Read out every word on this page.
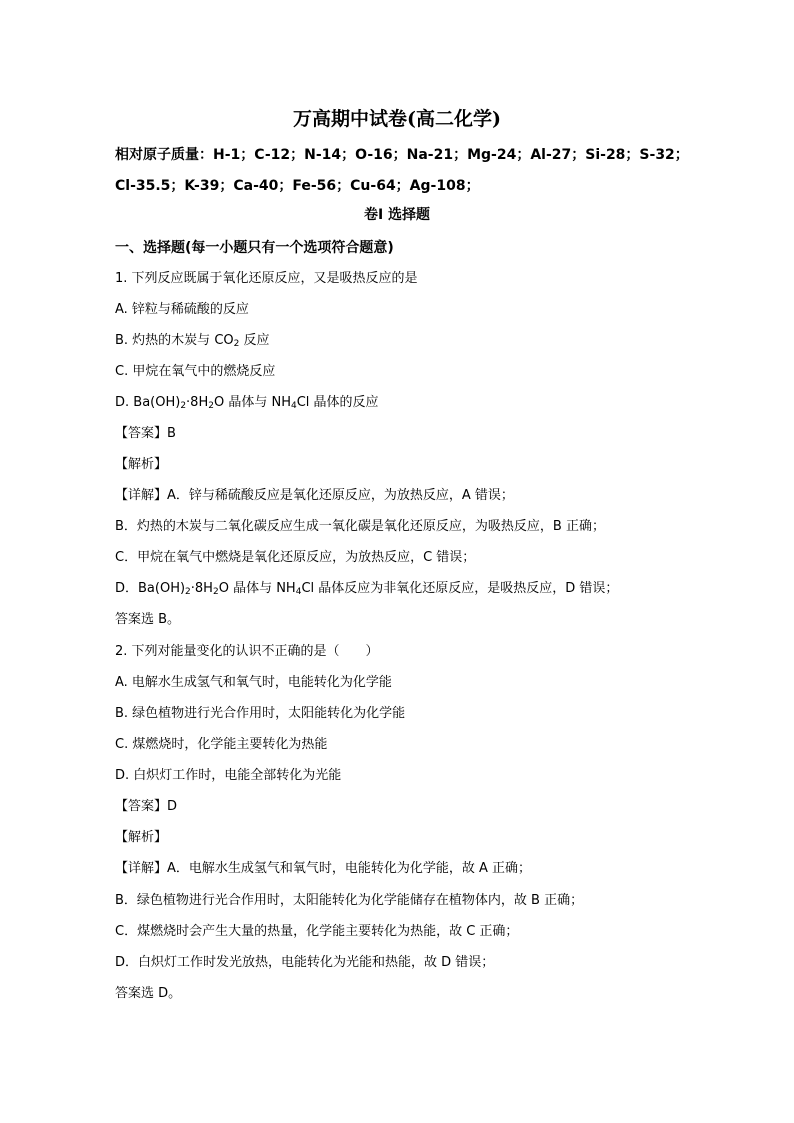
万高期中试卷(高二化学)
相对原子质量：H-1；C-12；N-14；O-16；Na-21；Mg-24；Al-27；Si-28；S-32；
Cl-35.5；K-39；Ca-40；Fe-56；Cu-64；Ag-108；
卷Ⅰ 选择题
一、选择题(每一小题只有一个选项符合题意)
1. 下列反应既属于氧化还原反应，又是吸热反应的是
A. 锌粒与稀硫酸的反应
B. 灼热的木炭与 $CO_2$ 反应
C. 甲烷在氧气中的燃烧反应
D. $Ba(OH)_2\cdot 8H_2O$ 晶体与 $NH_4Cl$ 晶体的反应
【答案】B
【解析】
【详解】A．锌与稀硫酸反应是氧化还原反应，为放热反应，A 错误；
B．灼热的木炭与二氧化碳反应生成一氧化碳是氧化还原反应，为吸热反应，B 正确；
C．甲烷在氧气中燃烧是氧化还原反应，为放热反应，C 错误；
D．$Ba(OH)_2\cdot 8H_2O$ 晶体与 $NH_4Cl$ 晶体反应为非氧化还原反应，是吸热反应，D 错误；
答案选 B。
2. 下列对能量变化的认识不正确的是（　　）
A. 电解水生成氢气和氧气时，电能转化为化学能
B. 绿色植物进行光合作用时，太阳能转化为化学能
C. 煤燃烧时，化学能主要转化为热能
D. 白炽灯工作时，电能全部转化为光能
【答案】D
【解析】
【详解】A．电解水生成氢气和氧气时，电能转化为化学能，故 A 正确；
B．绿色植物进行光合作用时，太阳能转化为化学能储存在植物体内，故 B 正确；
C．煤燃烧时会产生大量的热量，化学能主要转化为热能，故 C 正确；
D．白炽灯工作时发光放热，电能转化为光能和热能，故 D 错误；
答案选 D。
